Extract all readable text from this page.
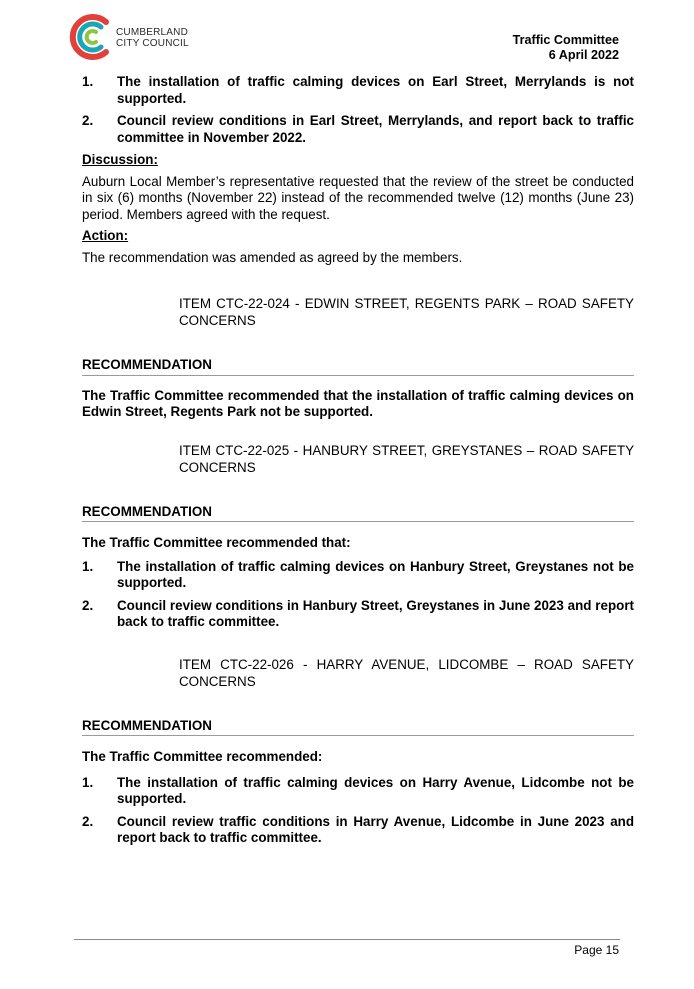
CUMBERLAND
CITY COUNCIL	Traffic Committee
6 April 2022
1.	The installation of traffic calming devices on Earl Street, Merrylands is not supported.
2.	Council review conditions in Earl Street, Merrylands, and report back to traffic committee in November 2022.
Discussion:

Auburn Local Member’s representative requested that the review of the street be conducted in six (6) months (November 22) instead of the recommended twelve (12) months (June 23) period. Members agreed with the request.

Action:

The recommendation was amended as agreed by the members.

ITEM CTC-22-024 - EDWIN STREET, REGENTS PARK – ROAD SAFETY CONCERNS
RECOMMENDATION
The Traffic Committee recommended that the installation of traffic calming devices on Edwin Street, Regents Park not be supported.
ITEM CTC-22-025 - HANBURY STREET, GREYSTANES – ROAD SAFETY CONCERNS
RECOMMENDATION
The Traffic Committee recommended that:
1.	The installation of traffic calming devices on Hanbury Street, Greystanes not be supported.
2.	Council review conditions in Hanbury Street, Greystanes in June 2023 and report back to traffic committee.
ITEM CTC-22-026 - HARRY AVENUE, LIDCOMBE – ROAD SAFETY CONCERNS
RECOMMENDATION
The Traffic Committee recommended:
1.	The installation of traffic calming devices on Harry Avenue, Lidcombe not be supported.
2.	Council review traffic conditions in Harry Avenue, Lidcombe in June 2023 and report back to traffic committee.
Page 15
